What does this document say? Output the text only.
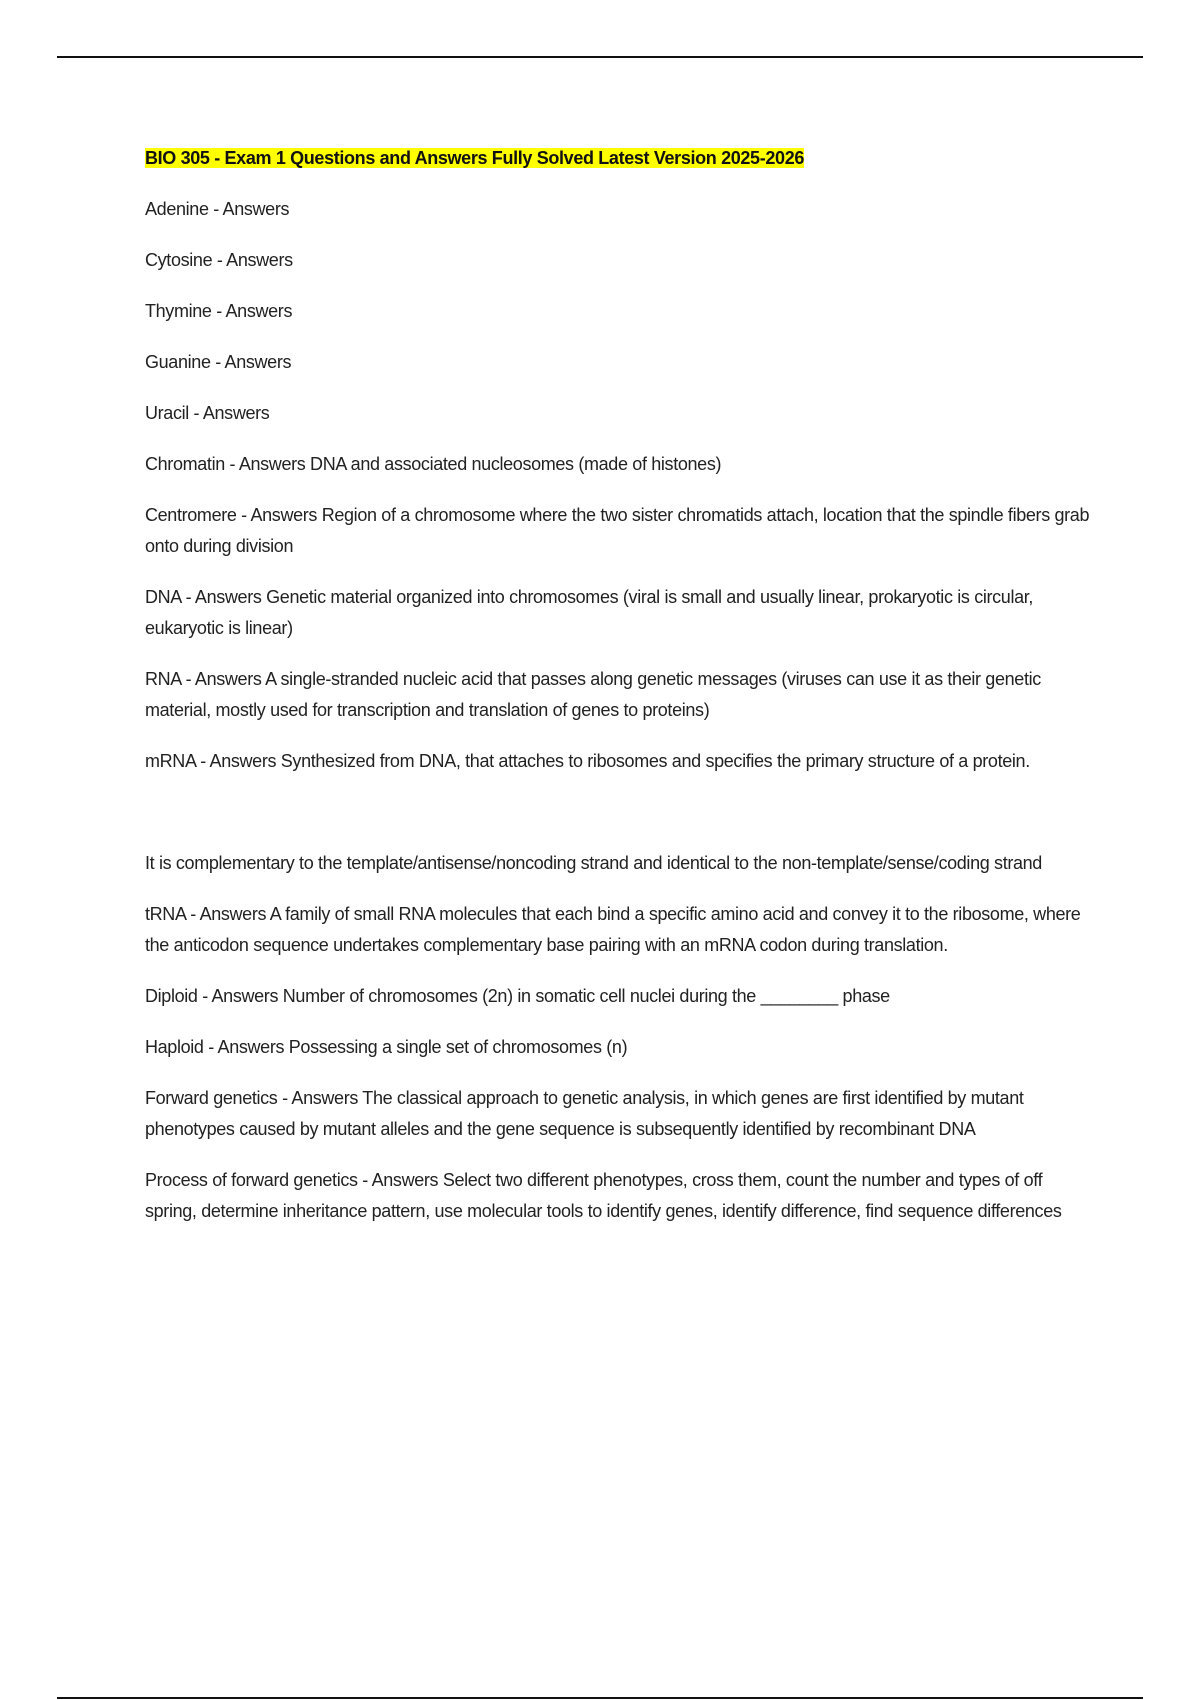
BIO 305 - Exam 1 Questions and Answers Fully Solved Latest Version 2025-2026

Adenine - Answers

Cytosine - Answers

Thymine - Answers

Guanine - Answers

Uracil - Answers

Chromatin - Answers DNA and associated nucleosomes (made of histones)

Centromere - Answers Region of a chromosome where the two sister chromatids attach, location that the spindle fibers grab onto during division

DNA - Answers Genetic material organized into chromosomes (viral is small and usually linear, prokaryotic is circular, eukaryotic is linear)

RNA - Answers A single-stranded nucleic acid that passes along genetic messages (viruses can use it as their genetic material, mostly used for transcription and translation of genes to proteins)

mRNA - Answers Synthesized from DNA, that attaches to ribosomes and specifies the primary structure of a protein.

It is complementary to the template/antisense/noncoding strand and identical to the non-template/sense/coding strand

tRNA - Answers A family of small RNA molecules that each bind a specific amino acid and convey it to the ribosome, where the anticodon sequence undertakes complementary base pairing with an mRNA codon during translation.

Diploid - Answers Number of chromosomes (2n) in somatic cell nuclei during the ________ phase

Haploid - Answers Possessing a single set of chromosomes (n)

Forward genetics - Answers The classical approach to genetic analysis, in which genes are first identified by mutant phenotypes caused by mutant alleles and the gene sequence is subsequently identified by recombinant DNA

Process of forward genetics - Answers Select two different phenotypes, cross them, count the number and types of off spring, determine inheritance pattern, use molecular tools to identify genes, identify difference, find sequence differences
